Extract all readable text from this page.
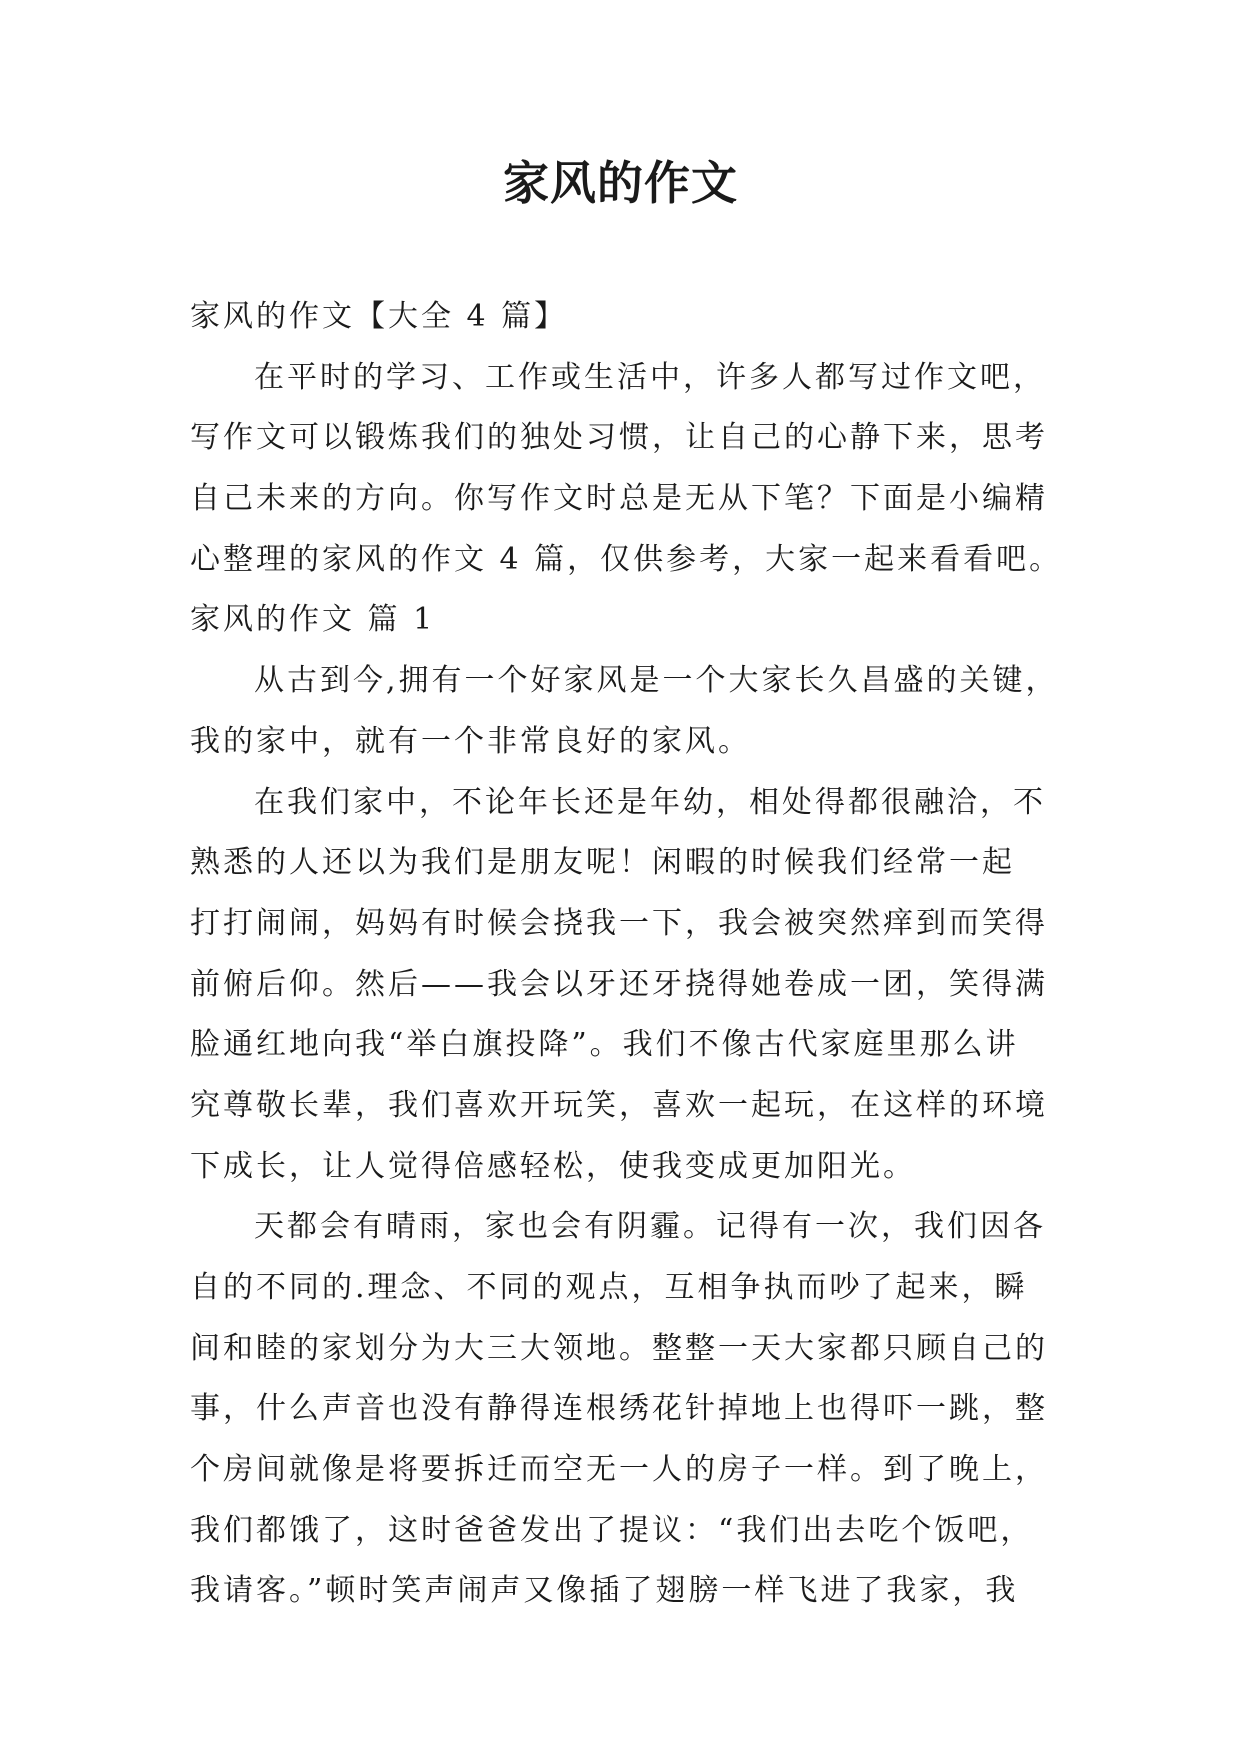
家风的作文
家风的作文【大全 4 篇】
在平时的学习、工作或生活中，许多人都写过作文吧，
写作文可以锻炼我们的独处习惯，让自己的心静下来，思考
自己未来的方向。你写作文时总是无从下笔？下面是小编精
心整理的家风的作文 4 篇，仅供参考，大家一起来看看吧。
家风的作文 篇 1
从古到今,拥有一个好家风是一个大家长久昌盛的关键，
我的家中，就有一个非常良好的家风。
在我们家中，不论年长还是年幼，相处得都很融洽，不
熟悉的人还以为我们是朋友呢！闲暇的时候我们经常一起
打打闹闹，妈妈有时候会挠我一下，我会被突然痒到而笑得
前俯后仰。然后——我会以牙还牙挠得她卷成一团，笑得满
脸通红地向我“举白旗投降”。我们不像古代家庭里那么讲
究尊敬长辈，我们喜欢开玩笑，喜欢一起玩，在这样的环境
下成长，让人觉得倍感轻松，使我变成更加阳光。
天都会有晴雨，家也会有阴霾。记得有一次，我们因各
自的不同的.理念、不同的观点，互相争执而吵了起来，瞬
间和睦的家划分为大三大领地。整整一天大家都只顾自己的
事，什么声音也没有静得连根绣花针掉地上也得吓一跳，整
个房间就像是将要拆迁而空无一人的房子一样。到了晚上，
我们都饿了，这时爸爸发出了提议：“我们出去吃个饭吧，
我请客。”顿时笑声闹声又像插了翅膀一样飞进了我家，我
